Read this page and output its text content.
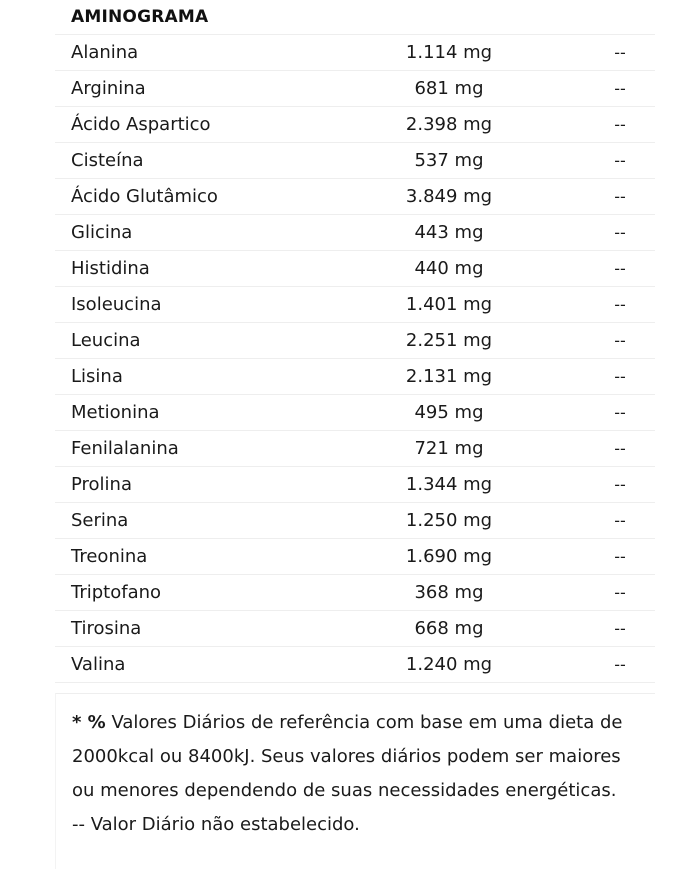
AMINOGRAMA
Alanina	1.114 mg	--
Arginina	681 mg	--
Ácido Aspartico	2.398 mg	--
Cisteína	537 mg	--
Ácido Glutâmico	3.849 mg	--
Glicina	443 mg	--
Histidina	440 mg	--
Isoleucina	1.401 mg	--
Leucina	2.251 mg	--
Lisina	2.131 mg	--
Metionina	495 mg	--
Fenilalanina	721 mg	--
Prolina	1.344 mg	--
Serina	1.250 mg	--
Treonina	1.690 mg	--
Triptofano	368 mg	--
Tirosina	668 mg	--
Valina	1.240 mg	--

* % Valores Diários de referência com base em uma dieta de 2000kcal ou 8400kJ. Seus valores diários podem ser maiores ou menores dependendo de suas necessidades energéticas.

-- Valor Diário não estabelecido.
